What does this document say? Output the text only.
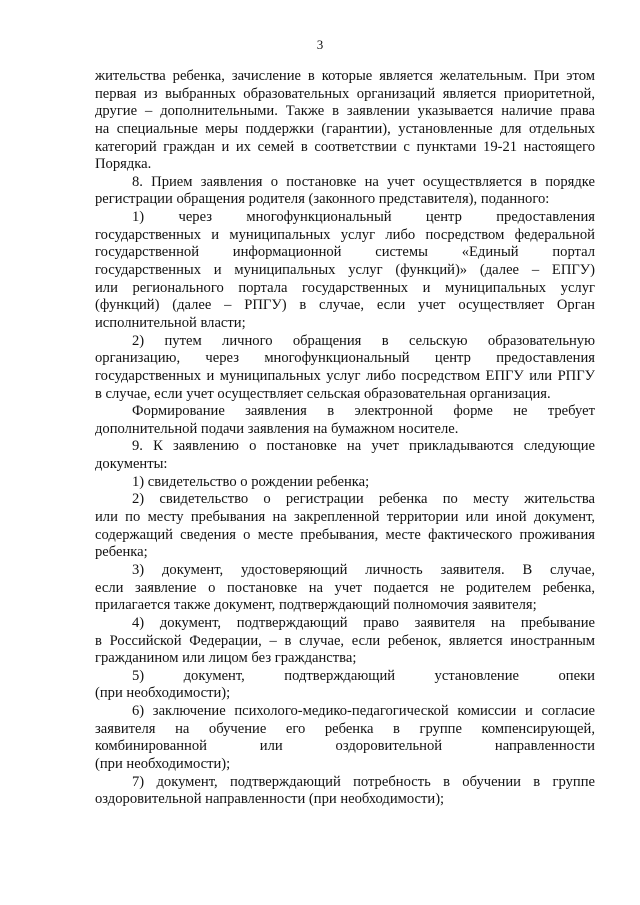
3
жительства ребенка, зачисление в которые является желательным. При этом
первая из выбранных образовательных организаций является приоритетной,
другие – дополнительными. Также в заявлении указывается наличие права
на специальные меры поддержки (гарантии), установленные для отдельных
категорий граждан и их семей в соответствии с пунктами 19-21 настоящего
Порядка.
8. Прием заявления о постановке на учет осуществляется в порядке
регистрации обращения родителя (законного представителя), поданного:
1) через многофункциональный центр предоставления
государственных и муниципальных услуг либо посредством федеральной
государственной информационной системы «Единый портал
государственных и муниципальных услуг (функций)» (далее – ЕПГУ)
или регионального портала государственных и муниципальных услуг
(функций) (далее – РПГУ) в случае, если учет осуществляет Орган
исполнительной власти;
2) путем личного обращения в сельскую образовательную
организацию, через многофункциональный центр предоставления
государственных и муниципальных услуг либо посредством ЕПГУ или РПГУ
в случае, если учет осуществляет сельская образовательная организация.
Формирование заявления в электронной форме не требует
дополнительной подачи заявления на бумажном носителе.
9. К заявлению о постановке на учет прикладываются следующие
документы:
1) свидетельство о рождении ребенка;
2) свидетельство о регистрации ребенка по месту жительства
или по месту пребывания на закрепленной территории или иной документ,
содержащий сведения о месте пребывания, месте фактического проживания
ребенка;
3) документ, удостоверяющий личность заявителя. В случае,
если заявление о постановке на учет подается не родителем ребенка,
прилагается также документ, подтверждающий полномочия заявителя;
4) документ, подтверждающий право заявителя на пребывание
в Российской Федерации, – в случае, если ребенок, является иностранным
гражданином или лицом без гражданства;
5) документ, подтверждающий установление опеки
(при необходимости);
6) заключение психолого-медико-педагогической комиссии и согласие
заявителя на обучение его ребенка в группе компенсирующей,
комбинированной или оздоровительной направленности
(при необходимости);
7) документ, подтверждающий потребность в обучении в группе
оздоровительной направленности (при необходимости);
